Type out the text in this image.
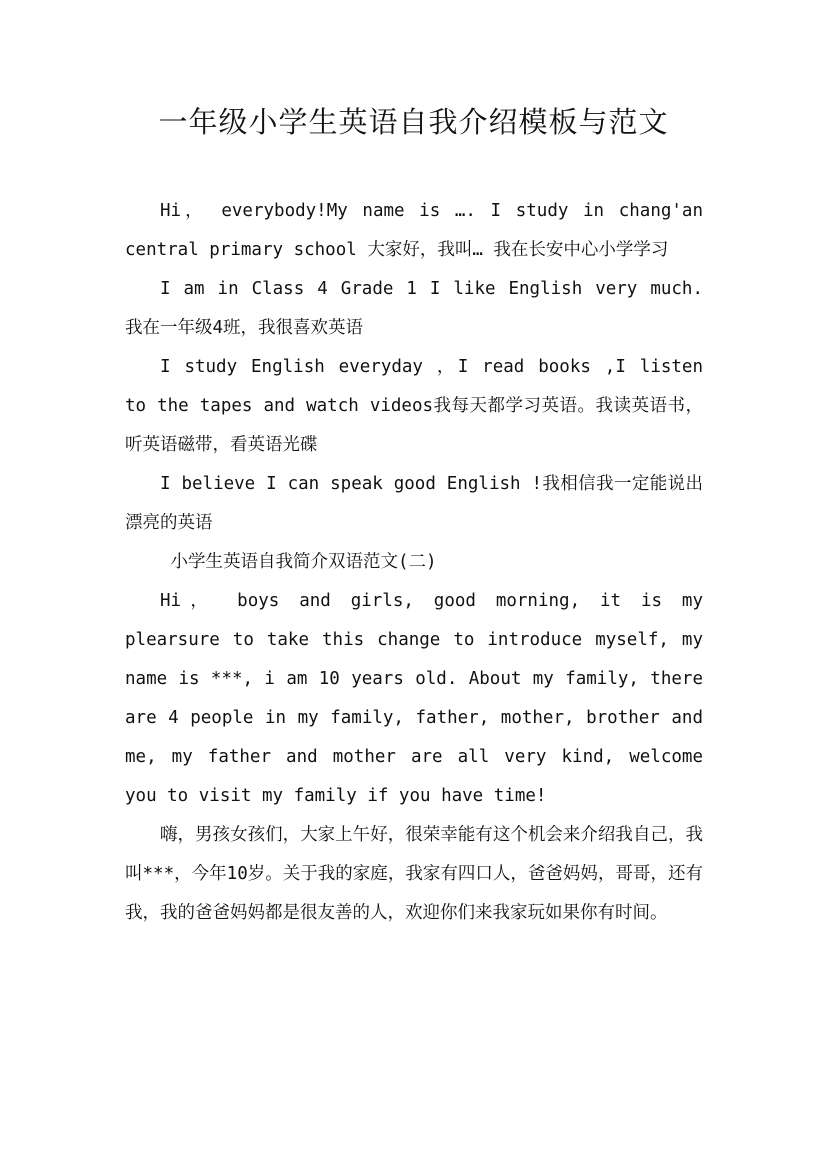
一年级小学生英语自我介绍模板与范文

Hi， everybody!My name is …. I study in chang'an central primary school 大家好，我叫… 我在长安中心小学学习

I am in Class 4 Grade 1 I like English very much. 我在一年级4班，我很喜欢英语

I study English everyday ，I read books ,I listen to the tapes and watch videos我每天都学习英语。我读英语书，听英语磁带，看英语光碟

I believe I can speak good English !我相信我一定能说出漂亮的英语

小学生英语自我简介双语范文(二)

Hi， boys and girls, good morning, it is my plearsure to take this change to introduce myself, my name is ***, i am 10 years old. About my family, there are 4 people in my family, father, mother, brother and me, my father and mother are all very kind, welcome you to visit my family if you have time!

嗨，男孩女孩们，大家上午好，很荣幸能有这个机会来介绍我自己，我叫***，今年10岁。关于我的家庭，我家有四口人，爸爸妈妈，哥哥，还有我，我的爸爸妈妈都是很友善的人，欢迎你们来我家玩如果你有时间。
